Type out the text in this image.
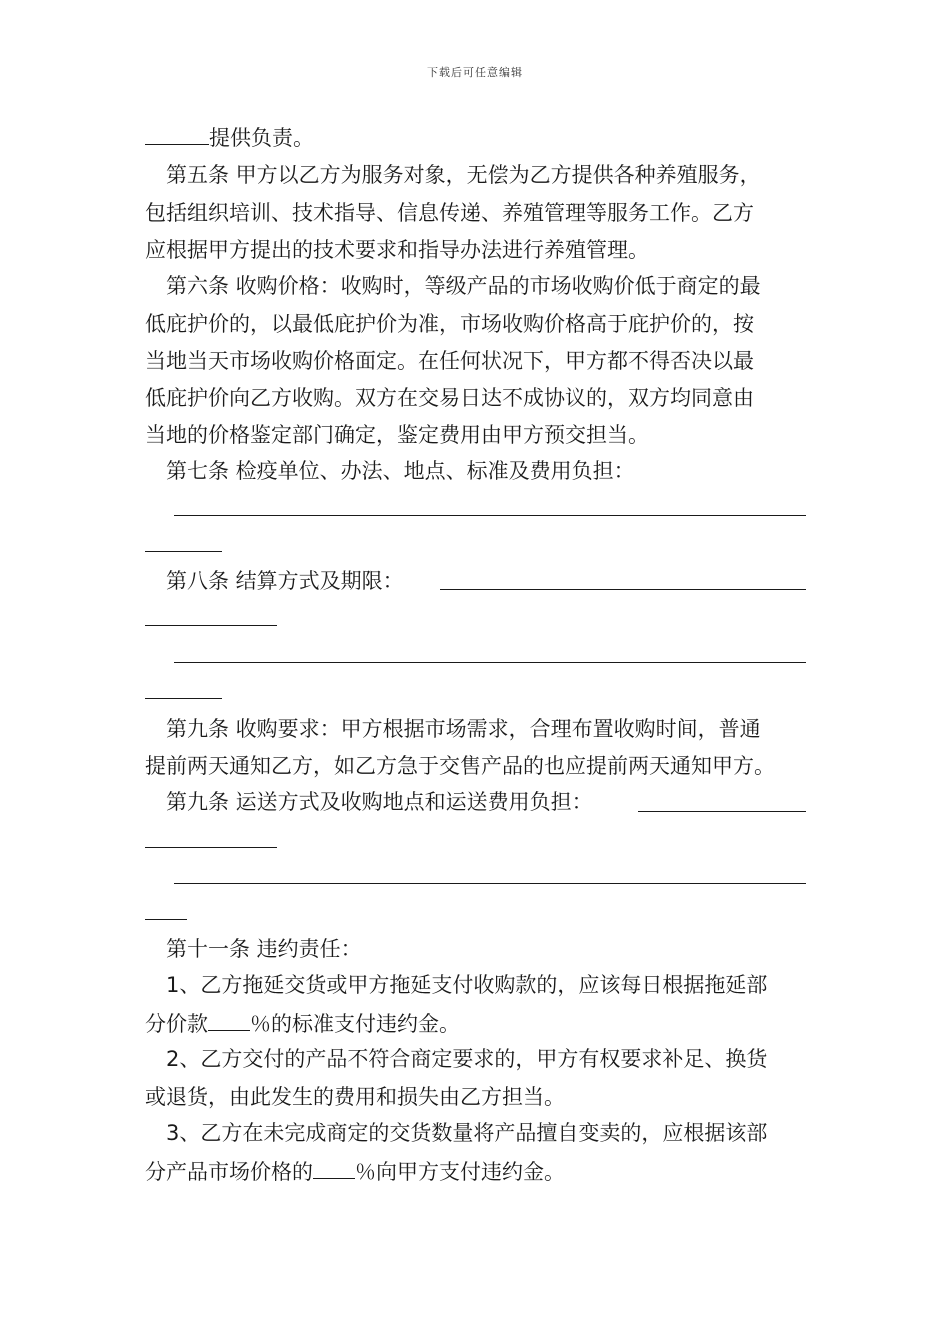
下载后可任意编辑
提供负责。
第五条 甲方以乙方为服务对象，无偿为乙方提供各种养殖服务，
包括组织培训、技术指导、信息传递、养殖管理等服务工作。乙方
应根据甲方提出的技术要求和指导办法进行养殖管理。
第六条 收购价格：收购时，等级产品的市场收购价低于商定的最
低庇护价的，以最低庇护价为准，市场收购价格高于庇护价的，按
当地当天市场收购价格面定。在任何状况下，甲方都不得否决以最
低庇护价向乙方收购。双方在交易日达不成协议的，双方均同意由
当地的价格鉴定部门确定，鉴定费用由甲方预交担当。
第七条 检疫单位、办法、地点、标准及费用负担：
第八条 结算方式及期限：
第九条 收购要求：甲方根据市场需求，合理布置收购时间，普通
提前两天通知乙方，如乙方急于交售产品的也应提前两天通知甲方。
第九条 运送方式及收购地点和运送费用负担：
第十一条 违约责任：
1、乙方拖延交货或甲方拖延支付收购款的，应该每日根据拖延部
分价款 ％的标准支付违约金。
2、乙方交付的产品不符合商定要求的，甲方有权要求补足、换货
或退货，由此发生的费用和损失由乙方担当。
3、乙方在未完成商定的交货数量将产品擅自变卖的，应根据该部
分产品市场价格的 ％向甲方支付违约金。
